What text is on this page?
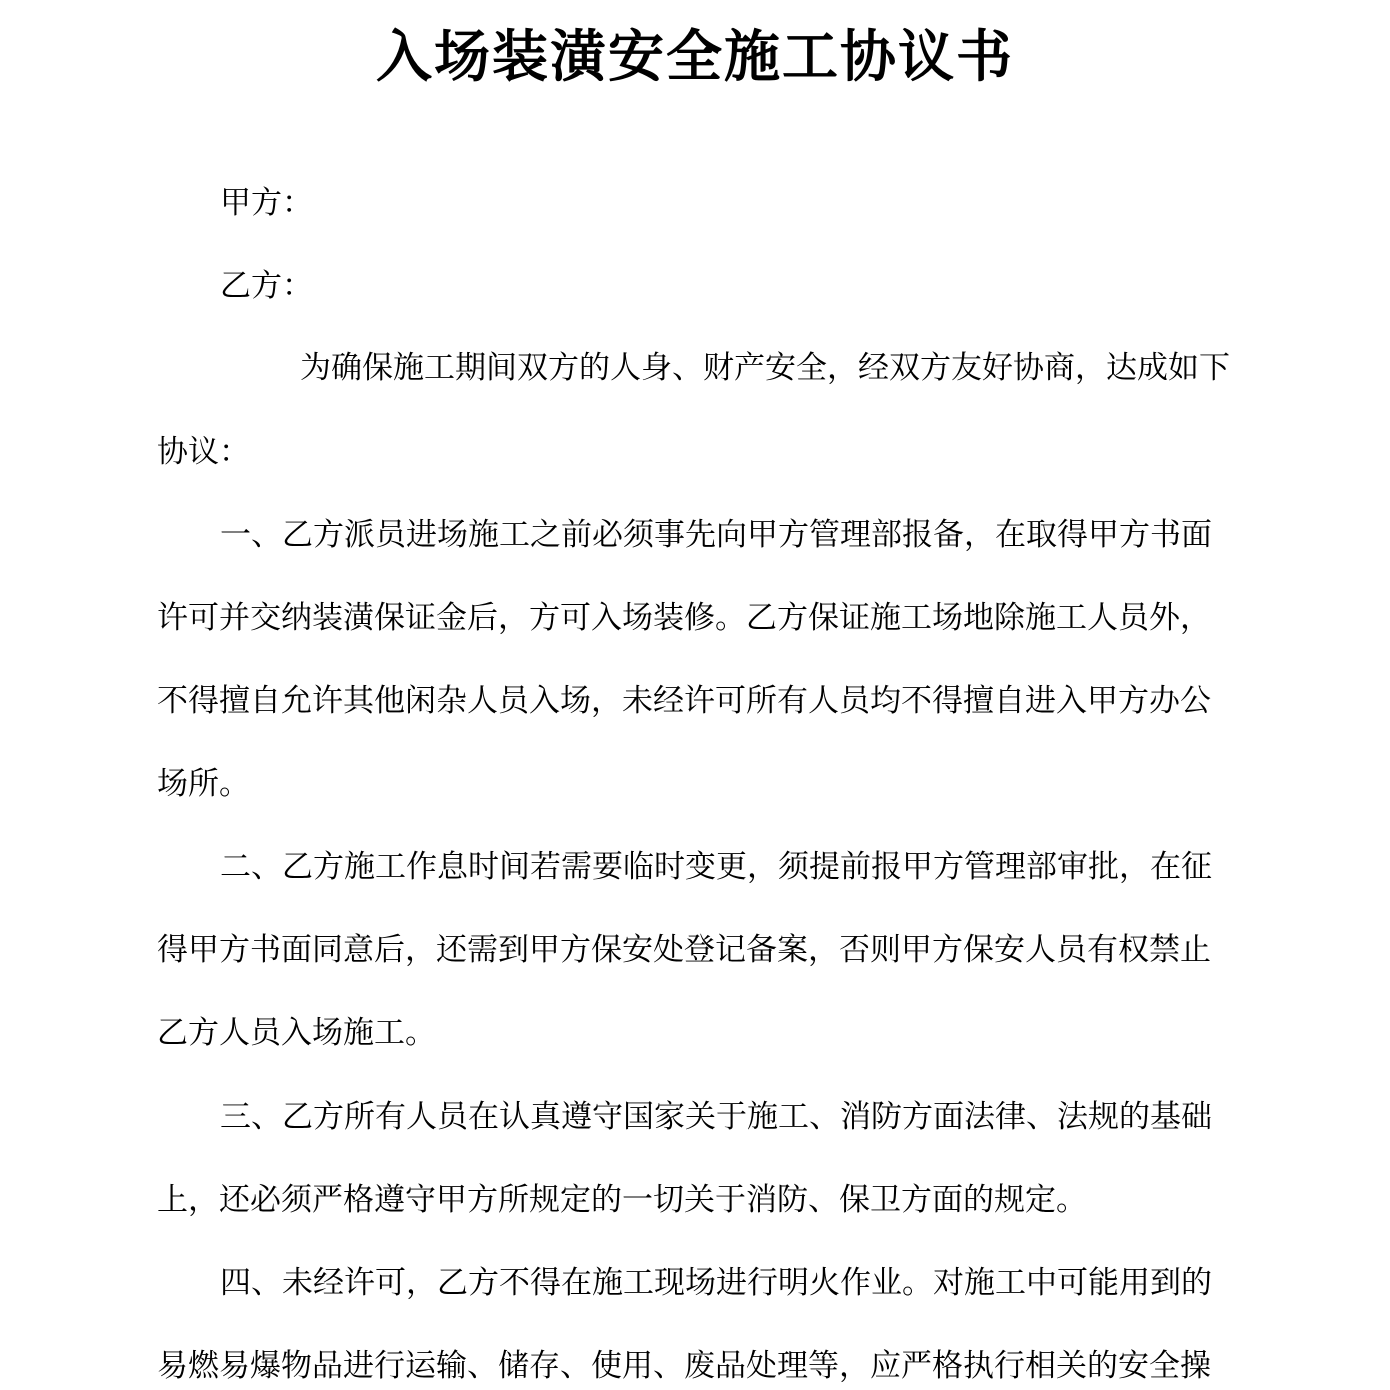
入场装潢安全施工协议书

甲方：

乙方：

为确保施工期间双方的人身、财产安全，经双方友好协商，达成如下

协议：

一、乙方派员进场施工之前必须事先向甲方管理部报备，在取得甲方书面

许可并交纳装潢保证金后，方可入场装修。乙方保证施工场地除施工人员外，

不得擅自允许其他闲杂人员入场，未经许可所有人员均不得擅自进入甲方办公

场所。

二、乙方施工作息时间若需要临时变更，须提前报甲方管理部审批，在征

得甲方书面同意后，还需到甲方保安处登记备案，否则甲方保安人员有权禁止

乙方人员入场施工。

三、乙方所有人员在认真遵守国家关于施工、消防方面法律、法规的基础

上，还必须严格遵守甲方所规定的一切关于消防、保卫方面的规定。

四、未经许可，乙方不得在施工现场进行明火作业。对施工中可能用到的

易燃易爆物品进行运输、储存、使用、废品处理等，应严格执行相关的安全操
